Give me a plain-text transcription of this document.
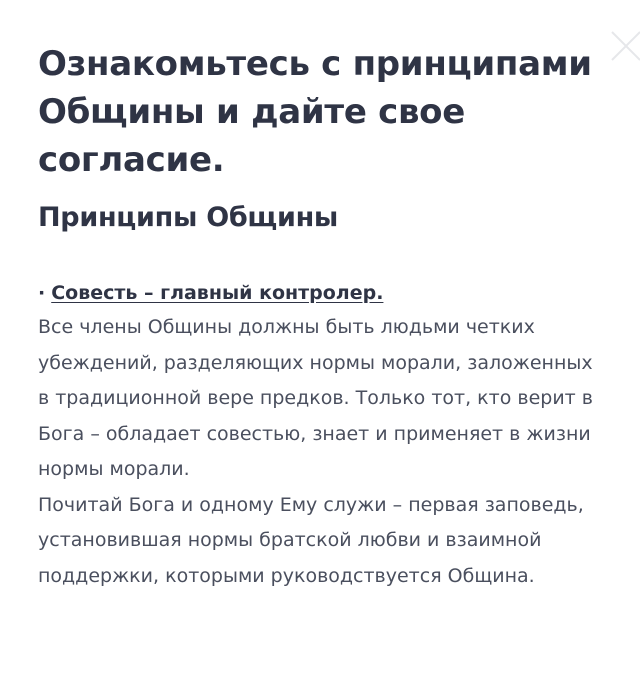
Ознакомьтесь с принципами Общины и дайте свое согласие.
Принципы Общины
· Совесть – главный контролер.

Все члены Общины должны быть людьми четких убеждений, разделяющих нормы морали, заложенных в традиционной вере предков. Только тот, кто верит в Бога – обладает совестью, знает и применяет в жизни нормы морали.

Почитай Бога и одному Ему служи – первая заповедь, установившая нормы братской любви и взаимной поддержки, которыми руководствуется Община.
